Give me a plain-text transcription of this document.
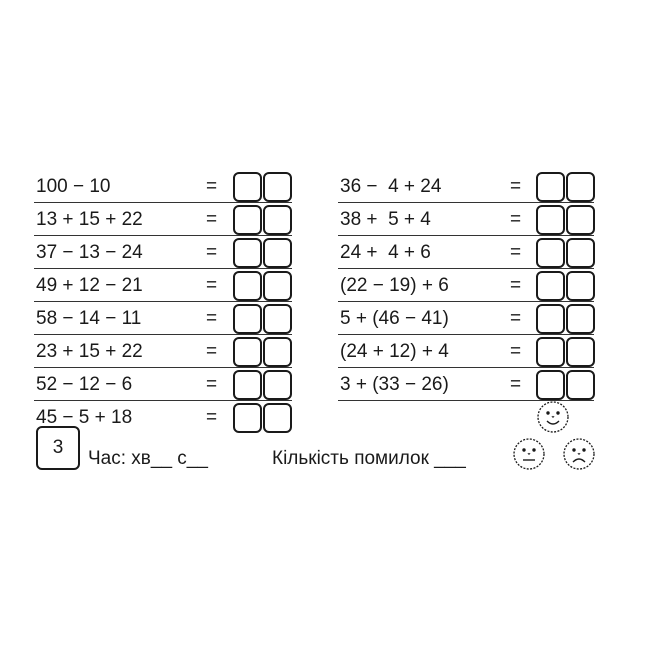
100 − 10	=
13 + 15 + 22	=
37 − 13 − 24	=
49 + 12 − 21	=
58 − 14 − 11	=
23 + 15 + 22	=
52 − 12 − 6	=
45 − 5 + 18	=
36 −  4 + 24	=
38 +  5 + 4	=
24 +  4 + 6	=
(22 − 19) + 6	=
5 + (46 − 41)	=
(24 + 12) + 4	=
3 + (33 − 26)	=
3
Час: хв__ с__	Кількість помилок ___
